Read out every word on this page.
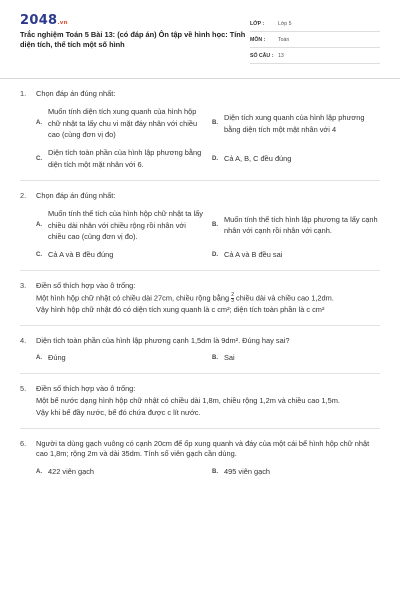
2048.vn
Trắc nghiệm Toán 5 Bài 13: (có đáp án) Ôn tập về hình học: Tính diện tích, thể tích một số hình
LỚP :	Lớp 5
MÔN :	Toán
SỐ CÂU : 13
1.	Chọn đáp án đúng nhất:
A.
Muốn tính diện tích xung quanh của hình hộp chữ nhật ta lấy chu vi mặt đáy nhân với chiều cao (cùng đơn vị đo)
B.
Diện tích xung quanh của hình lập phương bằng diện tích một mặt nhân với 4
C.
Diện tích toàn phần của hình lập phương bằng diện tích một mặt nhân với 6.
D. Cả A, B, C đều đúng
2.	Chọn đáp án đúng nhất:
A.
Muốn tính thể tích của hình hộp chữ nhật ta lấy chiều dài nhân với chiều rộng rồi nhân với chiều cao (cùng đơn vị đo).
B.
Muốn tính thể tích hình lập phương ta lấy cạnh nhân với cạnh rồi nhân với cạnh.
C. Cả A và B đều đúng	D. Cả A và B đều sai
3.	Điền số thích hợp vào ô trống:

Một hình hộp chữ nhật có chiều dài 27cm, chiều rộng bằng $\frac{2}{3}$ chiều dài và chiều cao 1,2dm.

Vậy hình hộp chữ nhật đó có diện tích xung quanh là c cm²; diện tích toàn phần là c cm²

4.	Diện tích toàn phần của hình lập phương cạnh 1,5dm là 9dm². Đúng hay sai?
A. Đúng	B. Sai
5.	Điền số thích hợp vào ô trống:

Một bể nước dạng hình hộp chữ nhật có chiều dài 1,8m, chiều rộng 1,2m và chiều cao 1,5m.

Vậy khi bể đầy nước, bể đó chứa được c lít nước.

6.	Người ta dùng gạch vuông có cạnh 20cm để ốp xung quanh và đáy của một cái bể hình hộp chữ nhật cao 1,8m; rộng 2m và dài 35dm. Tính số viên gạch cần dùng.
A. 422 viên gạch	B. 495 viên gạch
